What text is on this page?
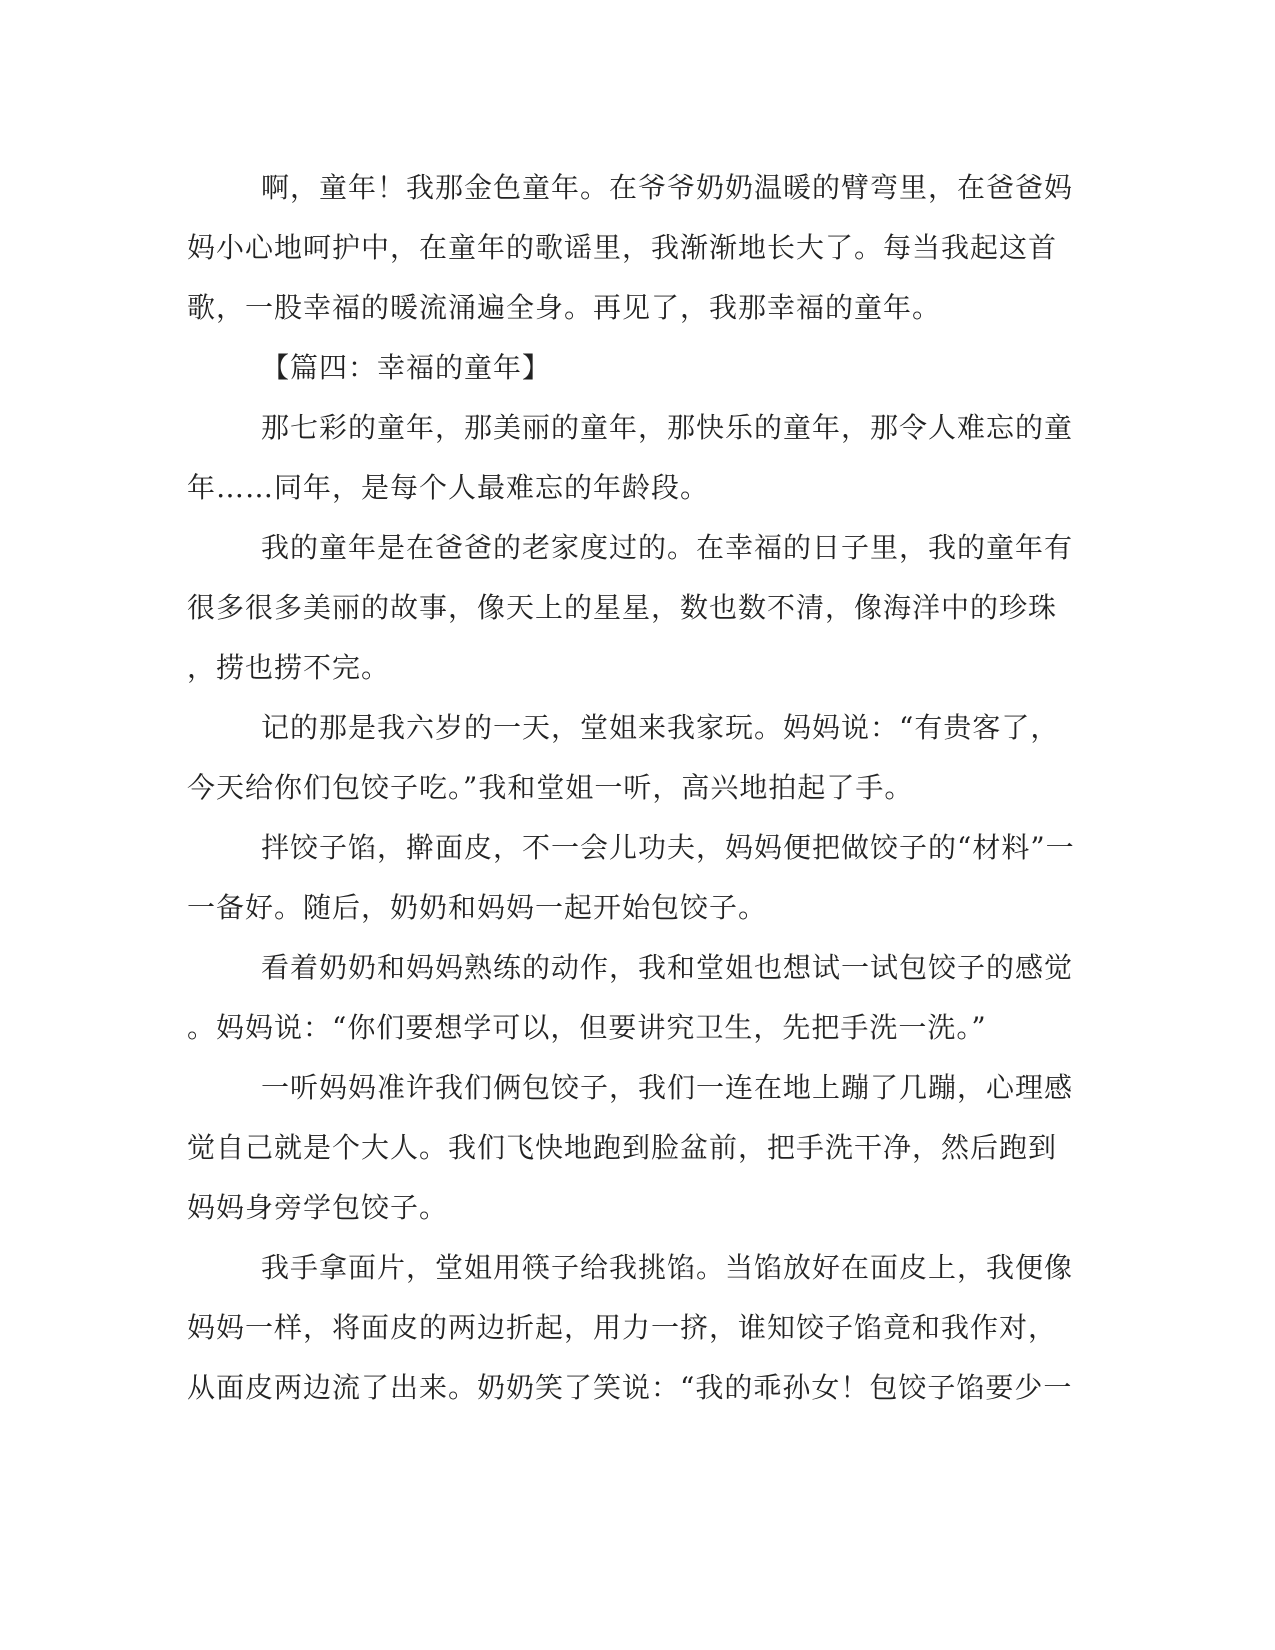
啊，童年！我那金色童年。在爷爷奶奶温暖的臂弯里，在爸爸妈
妈小心地呵护中，在童年的歌谣里，我渐渐地长大了。每当我起这首
歌，一股幸福的暖流涌遍全身。再见了，我那幸福的童年。
【篇四：幸福的童年】
那七彩的童年，那美丽的童年，那快乐的童年，那令人难忘的童
年……同年，是每个人最难忘的年龄段。
我的童年是在爸爸的老家度过的。在幸福的日子里，我的童年有
很多很多美丽的故事，像天上的星星，数也数不清，像海洋中的珍珠
，捞也捞不完。
记的那是我六岁的一天，堂姐来我家玩。妈妈说：“有贵客了，
今天给你们包饺子吃。”我和堂姐一听，高兴地拍起了手。
拌饺子馅，擀面皮，不一会儿功夫，妈妈便把做饺子的“材料”一
一备好。随后，奶奶和妈妈一起开始包饺子。
看着奶奶和妈妈熟练的动作，我和堂姐也想试一试包饺子的感觉
。妈妈说：“你们要想学可以，但要讲究卫生，先把手洗一洗。”
一听妈妈准许我们俩包饺子，我们一连在地上蹦了几蹦，心理感
觉自己就是个大人。我们飞快地跑到脸盆前，把手洗干净，然后跑到
妈妈身旁学包饺子。
我手拿面片，堂姐用筷子给我挑馅。当馅放好在面皮上，我便像
妈妈一样，将面皮的两边折起，用力一挤，谁知饺子馅竟和我作对，
从面皮两边流了出来。奶奶笑了笑说：“我的乖孙女！包饺子馅要少一
